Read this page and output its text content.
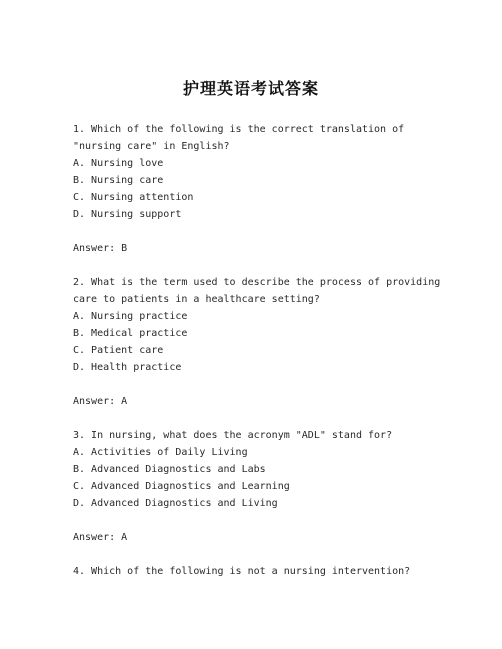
护理英语考试答案
1. Which of the following is the correct translation of
"nursing care" in English?
A. Nursing love
B. Nursing care
C. Nursing attention
D. Nursing support
Answer: B
2. What is the term used to describe the process of providing
care to patients in a healthcare setting?
A. Nursing practice
B. Medical practice
C. Patient care
D. Health practice
Answer: A
3. In nursing, what does the acronym "ADL" stand for?
A. Activities of Daily Living
B. Advanced Diagnostics and Labs
C. Advanced Diagnostics and Learning
D. Advanced Diagnostics and Living
Answer: A
4. Which of the following is not a nursing intervention?
